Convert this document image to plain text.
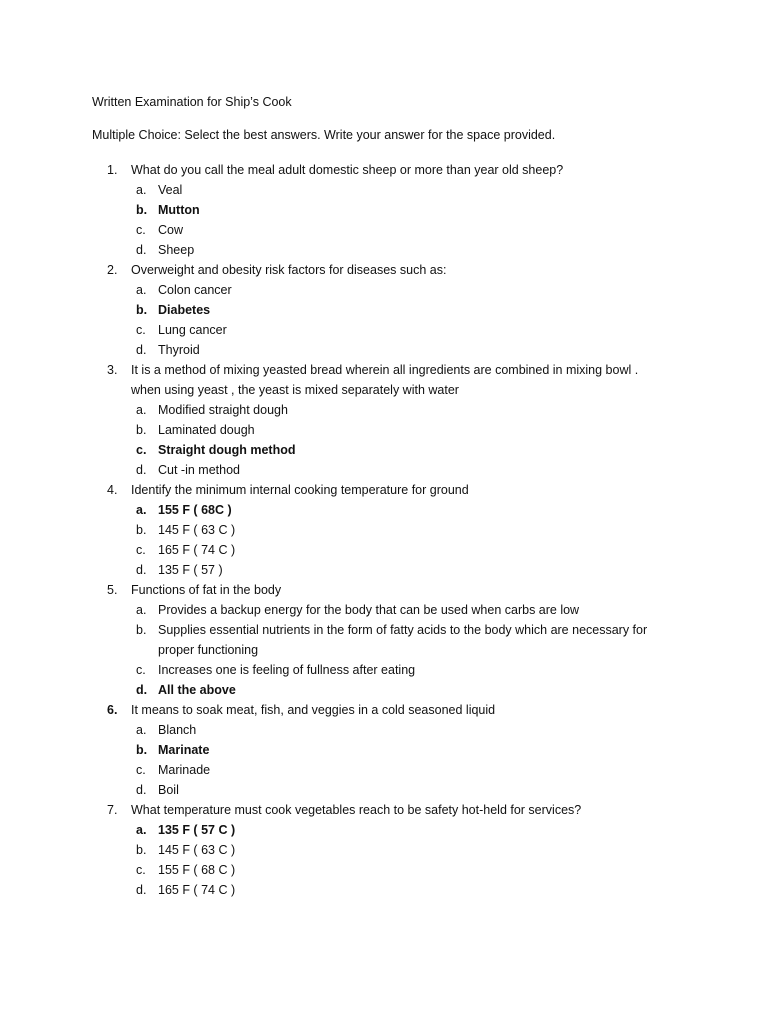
Written Examination for Ship’s Cook
Multiple Choice: Select the best answers. Write your answer for the space provided.
1. What do you call the meal adult domestic sheep or more than year old sheep?
a. Veal
b. Mutton
c. Cow
d. Sheep
2. Overweight and obesity risk factors for diseases such as:
a. Colon cancer
b. Diabetes
c. Lung cancer
d. Thyroid
3. It is a method of mixing yeasted bread wherein all ingredients are combined in mixing bowl . when using yeast , the yeast is mixed separately with water
a. Modified straight dough
b. Laminated dough
c. Straight dough method
d. Cut -in method
4. Identify the minimum internal cooking temperature for ground
a. 155 F ( 68C )
b. 145 F ( 63 C )
c. 165 F ( 74 C )
d. 135 F ( 57 )
5. Functions of fat in the body
a. Provides a backup energy for the body that can be used when carbs are low
b. Supplies essential nutrients in the form of fatty acids to the body which are necessary for proper functioning
c. Increases one is feeling of fullness after eating
d. All the above
6. It means to soak meat, fish, and veggies in a cold seasoned liquid
a. Blanch
b. Marinate
c. Marinade
d. Boil
7. What temperature must cook vegetables reach to be safety hot-held for services?
a. 135 F ( 57 C )
b. 145 F ( 63 C )
c. 155 F ( 68 C )
d. 165 F ( 74 C )
